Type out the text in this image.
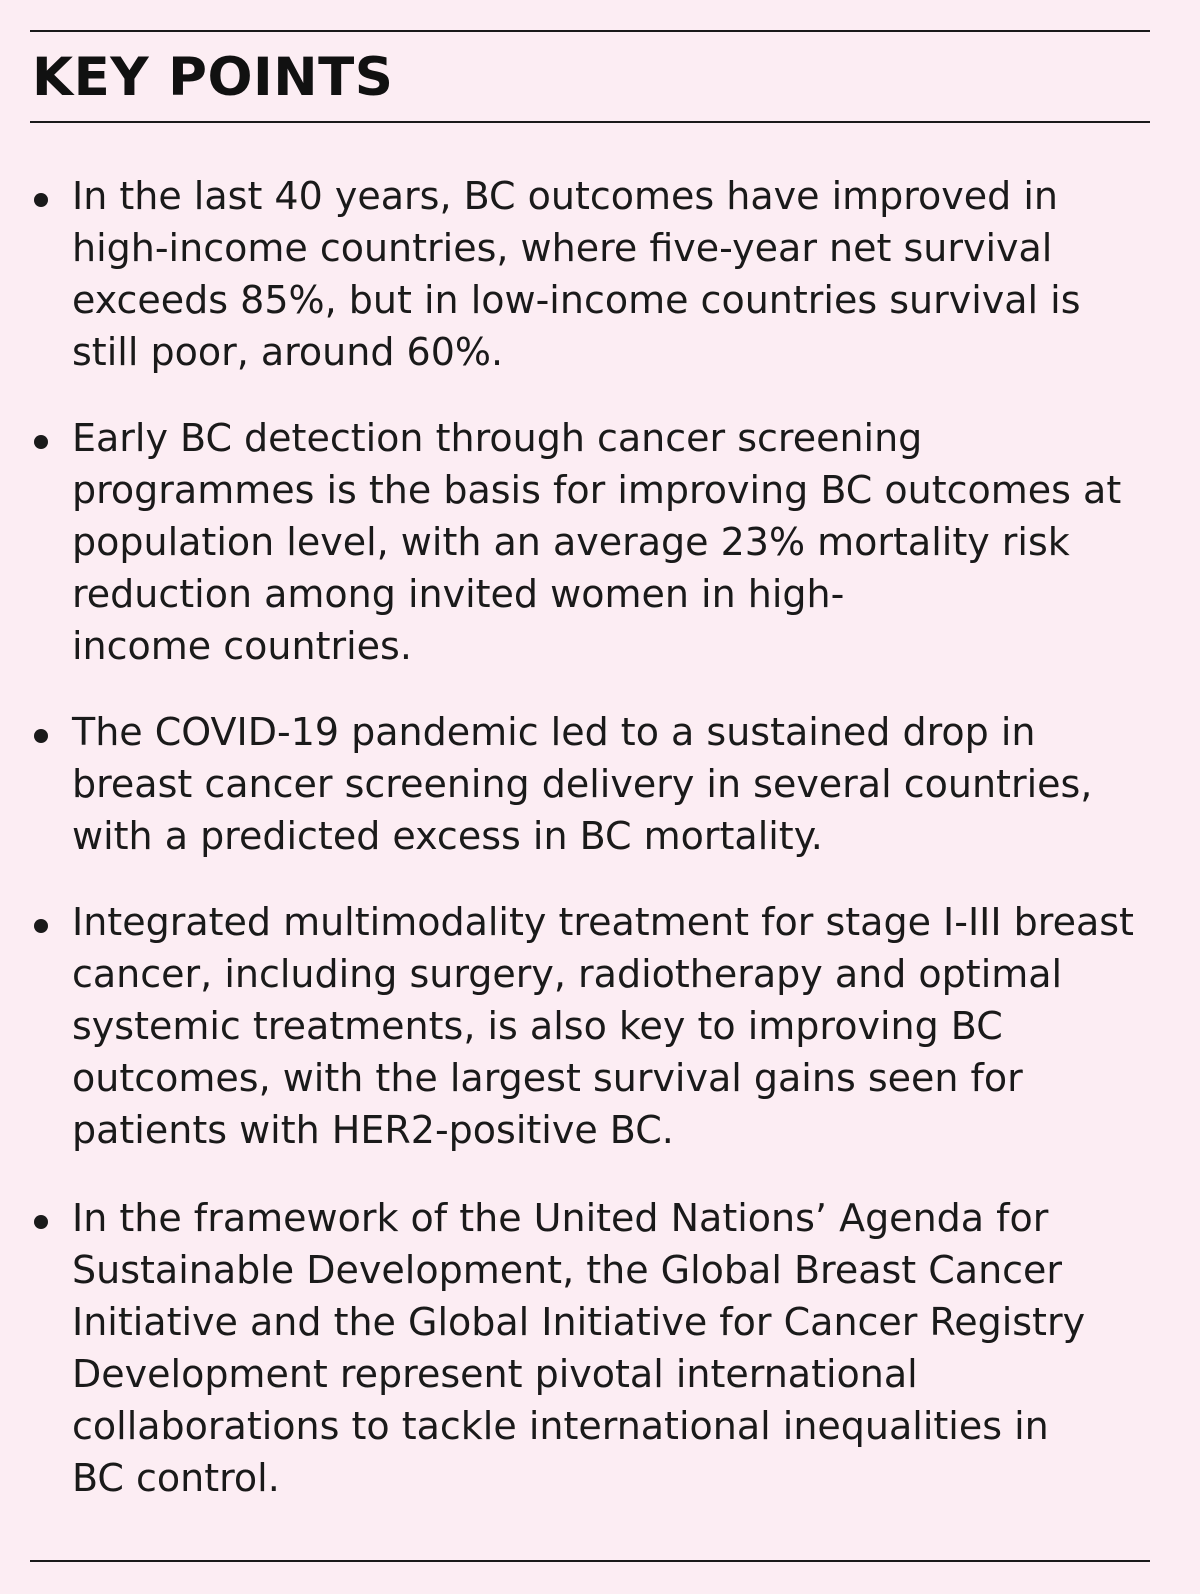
KEY POINTS
In the last 40 years, BC outcomes have improved in
high-income countries, where five-year net survival
exceeds 85%, but in low-income countries survival is
still poor, around 60%.
Early BC detection through cancer screening
programmes is the basis for improving BC outcomes at
population level, with an average 23% mortality risk
reduction among invited women in high-
income countries.
The COVID-19 pandemic led to a sustained drop in
breast cancer screening delivery in several countries,
with a predicted excess in BC mortality.
Integrated multimodality treatment for stage I-III breast
cancer, including surgery, radiotherapy and optimal
systemic treatments, is also key to improving BC
outcomes, with the largest survival gains seen for
patients with HER2-positive BC.
In the framework of the United Nations’ Agenda for
Sustainable Development, the Global Breast Cancer
Initiative and the Global Initiative for Cancer Registry
Development represent pivotal international
collaborations to tackle international inequalities in
BC control.
